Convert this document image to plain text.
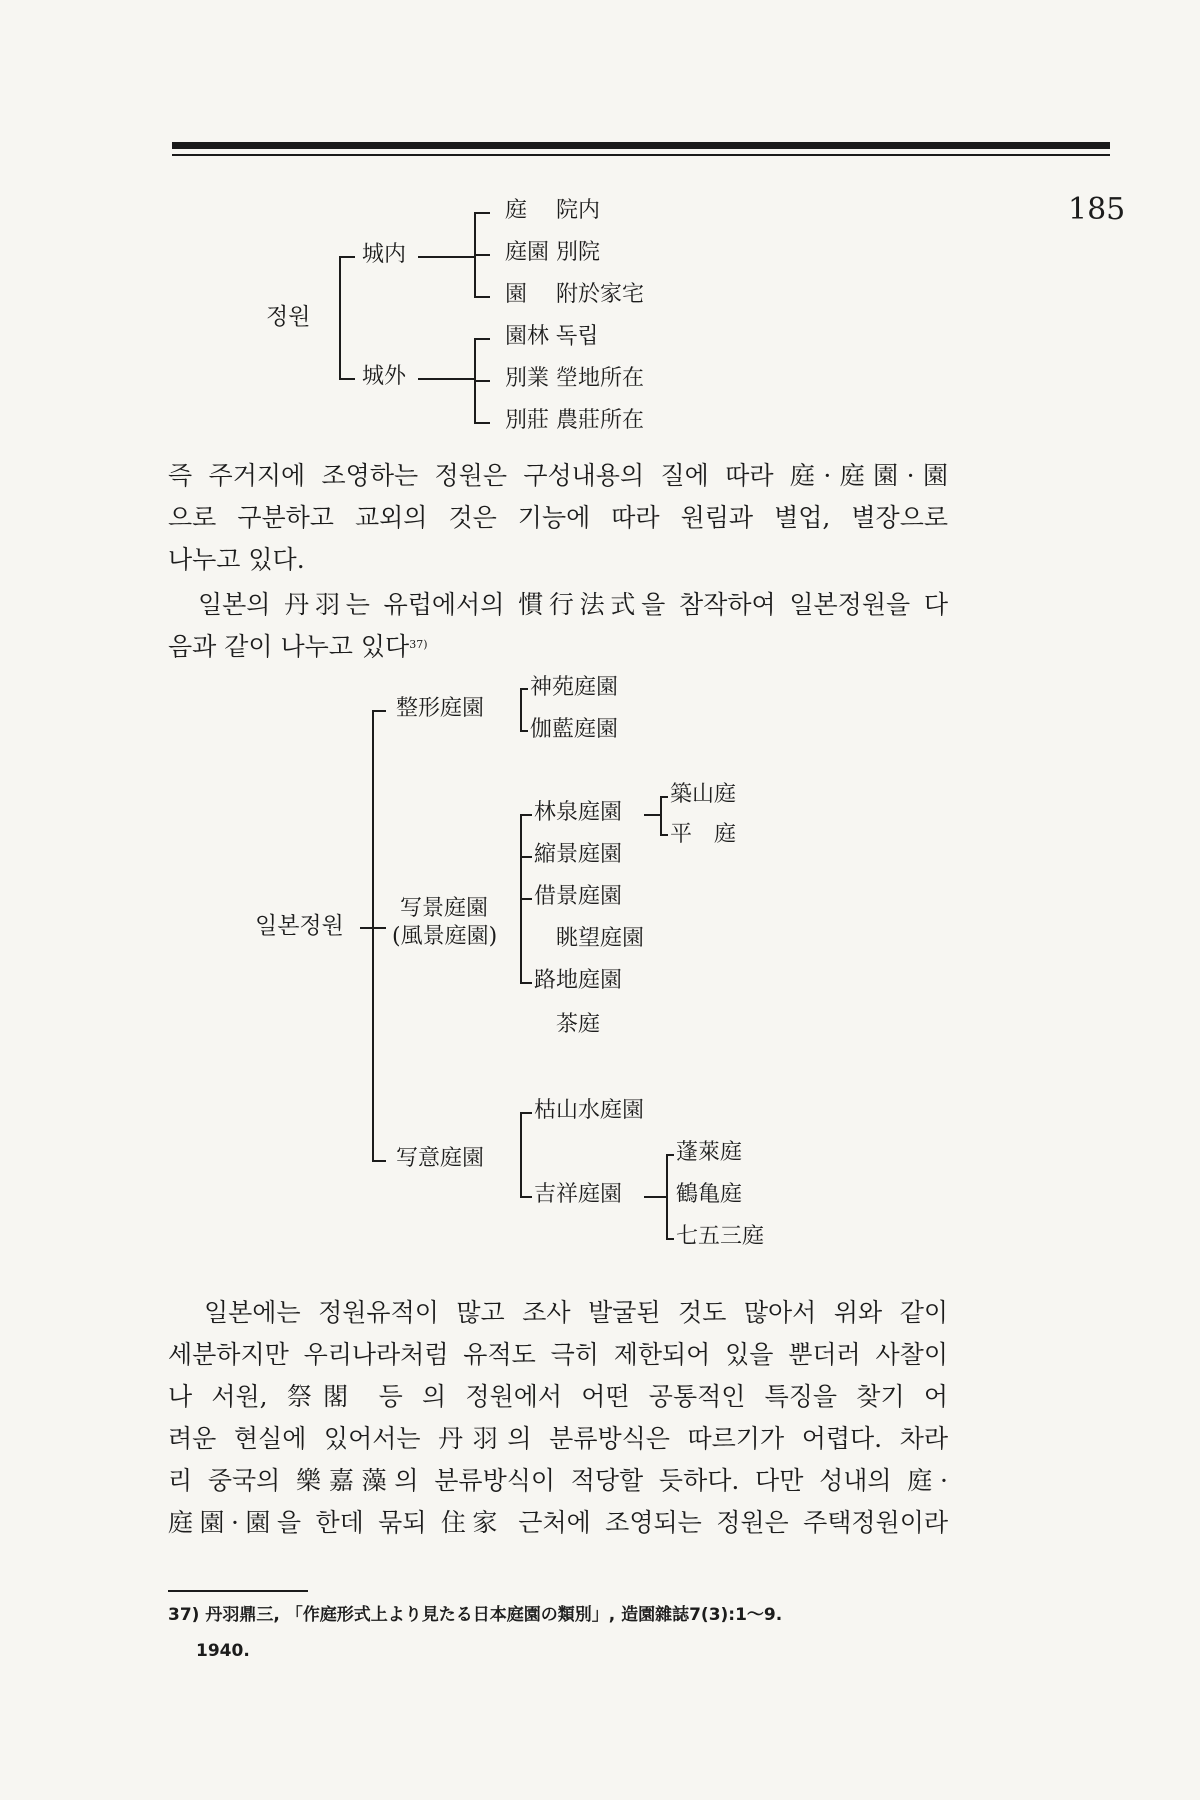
185
정원
城内
城外
庭　 院内
庭園 別院
園　 附於家宅
園林 독립
別業 塋地所在
別莊 農莊所在
즉 주거지에 조영하는 정원은 구성내용의 질에 따라 庭·庭園·園
으로 구분하고 교외의 것은 기능에 따라 원림과 별업, 별장으로
나누고 있다.
일본의 丹羽는 유럽에서의 慣行法式을 참작하여 일본정원을 다
음과 같이 나누고 있다$^{37)}$
일본정원
整形庭園
神苑庭園
伽藍庭園
写景庭園
(風景庭園)
林泉庭園
縮景庭園
借景庭園
眺望庭園
路地庭園
茶庭
築山庭
平　庭
写意庭園
枯山水庭園
吉祥庭園
蓬萊庭
鶴亀庭
七五三庭
일본에는 정원유적이 많고 조사 발굴된 것도 많아서 위와 같이
세분하지만 우리나라처럼 유적도 극히 제한되어 있을 뿐더러 사찰이
나 서원, 祭閣 등 의 정원에서 어떤 공통적인 특징을 찾기 어
려운 현실에 있어서는 丹羽의 분류방식은 따르기가 어렵다. 차라
리 중국의 樂嘉藻의 분류방식이 적당할 듯하다. 다만 성내의 庭·
庭園·園을 한데 묶되 住家 근처에 조영되는 정원은 주택정원이라
37) 丹羽鼎三, 「作庭形式上より見たる日本庭園の類別」, 造園雜誌7(3):1～9.
1940.
